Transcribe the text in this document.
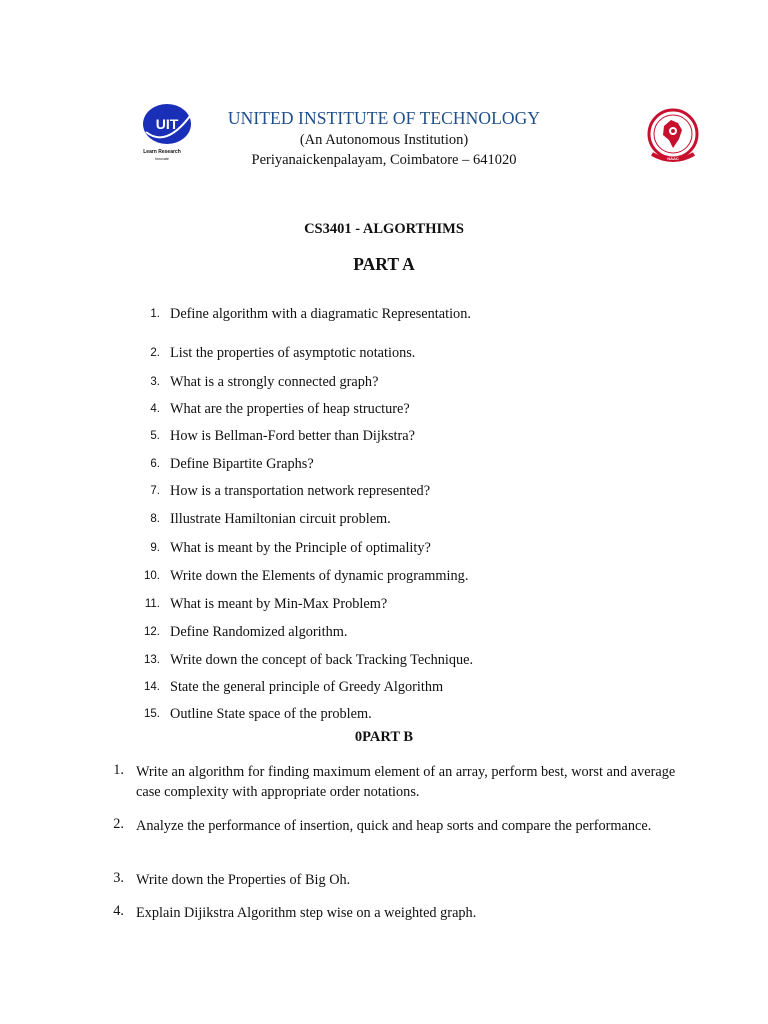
UIT
Learn Research
Innovate
UNITED INSTITUTE OF TECHNOLOGY
(An Autonomous Institution)
Periyanaickenpalayam, Coimbatore – 641020	NAAC
CS3401 - ALGORTHIMS
PART A
1. Define algorithm with a diagramatic Representation.
2. List the properties of asymptotic notations.
3. What is a strongly connected graph?
4. What are the properties of heap structure?
5. How is Bellman-Ford better than Dijkstra?
6. Define Bipartite Graphs?
7. How is a transportation network represented?
8. Illustrate Hamiltonian circuit problem.
9. What is meant by the Principle of optimality?
10. Write down the Elements of dynamic programming.
11. What is meant by Min-Max Problem?
12. Define Randomized algorithm.
13. Write down the concept of back Tracking Technique.
14. State the general principle of Greedy Algorithm
15. Outline State space of the problem.
0PART B
1. Write an algorithm for finding maximum element of an array, perform best, worst and average case complexity with appropriate order notations.
2. Analyze the performance of insertion, quick and heap sorts and compare the performance.
3. Write down the Properties of Big Oh.
4. Explain Dijikstra Algorithm step wise on a weighted graph.
